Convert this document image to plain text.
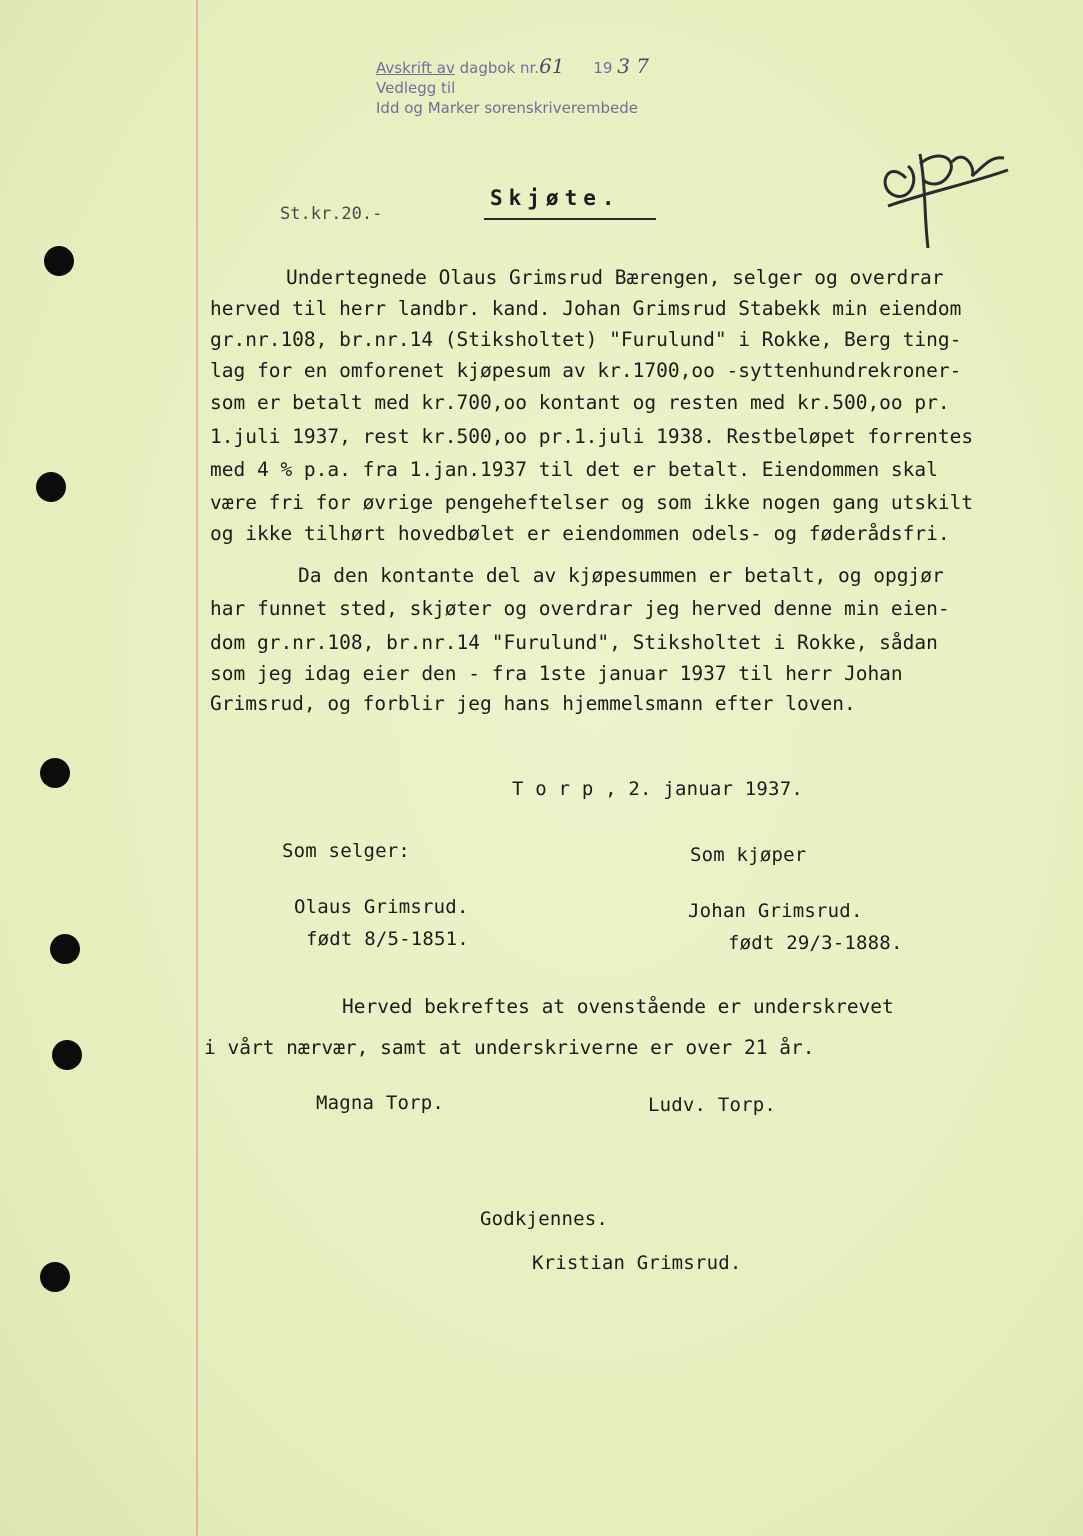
Avskrift av dagbok nr.61 19 3 7
Vedlegg til
Idd og Marker sorenskriverembede
St.kr.20.-
Skjøte.
Undertegnede Olaus Grimsrud Bærengen, selger og overdrar
herved til herr landbr. kand. Johan Grimsrud Stabekk min eiendom
gr.nr.108, br.nr.14 (Stiksholtet) "Furulund" i Rokke, Berg ting-
lag for en omforenet kjøpesum av kr.1700,oo -syttenhundrekroner-
som er betalt med kr.700,oo kontant og resten med kr.500,oo pr.
1.juli 1937, rest kr.500,oo pr.1.juli 1938. Restbeløpet forrentes
med 4 % p.a. fra 1.jan.1937 til det er betalt. Eiendommen skal
være fri for øvrige pengeheftelser og som ikke nogen gang utskilt
og ikke tilhørt hovedbølet er eiendommen odels- og føderådsfri.
Da den kontante del av kjøpesummen er betalt, og opgjør
har funnet sted, skjøter og overdrar jeg herved denne min eien-
dom gr.nr.108, br.nr.14 "Furulund", Stiksholtet i Rokke, sådan
som jeg idag eier den - fra 1ste januar 1937 til herr Johan
Grimsrud, og forblir jeg hans hjemmelsmann efter loven.
T o r p , 2. januar 1937.
Som selger:	Som kjøper
Olaus Grimsrud.	Johan Grimsrud.
født 8/5-1851.	født 29/3-1888.
Herved bekreftes at ovenstående er underskrevet
i vårt nærvær, samt at underskriverne er over 21 år.
Magna Torp.	Ludv. Torp.
Godkjennes.
Kristian Grimsrud.
